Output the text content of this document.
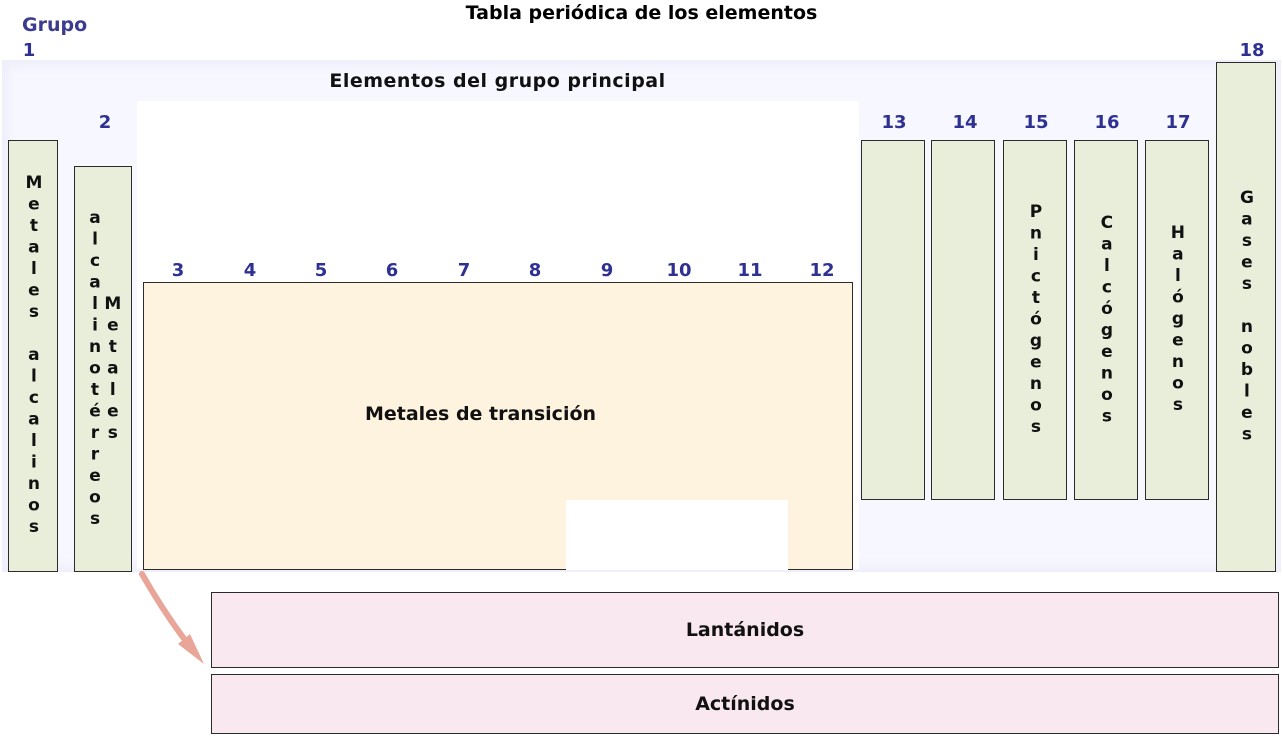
Tabla periódica de los elementos
Grupo
Elementos del grupo principal
1
2	13	14	15	16	17
18
3	4	5	6	7	8	9	10	11	12
Metales alcalinos	Metales alcalinotérreos	Pnictógenos	Calcógenos	Halógenos	Gases nobles
Metales de transición
Lantánidos
Actínidos
